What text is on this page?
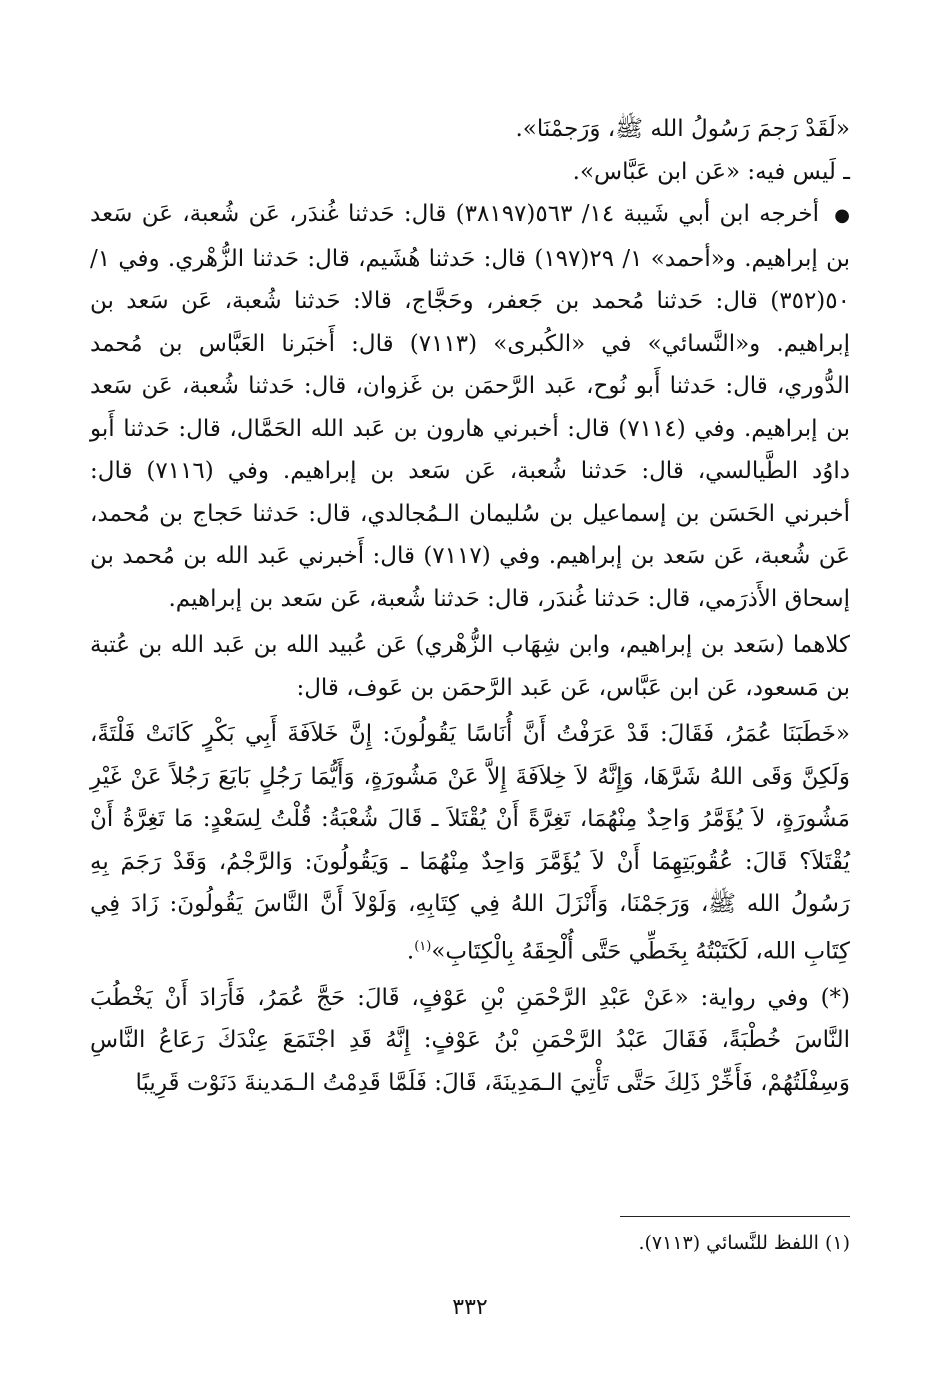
«لَقَدْ رَجمَ رَسُولُ الله ﷺ، وَرَجمْنَا».

ـ لَيس فيه: «عَن ابن عَبَّاس».

● أخرجه ابن أبي شَيبة ١٤/ ٥٦٣(٣٨١٩٧) قال: حَدثنا غُندَر، عَن شُعبة، عَن سَعد بن إبراهيم. و«أحمد» ١/ ٢٩(١٩٧) قال: حَدثنا هُشَيم، قال: حَدثنا الزُّهْري. وفي ١/ ٥٠(٣٥٢) قال: حَدثنا مُحمد بن جَعفر، وحَجَّاج، قالا: حَدثنا شُعبة، عَن سَعد بن إبراهيم. و«النَّسائي» في «الكُبرى» (٧١١٣) قال: أَخبَرنا العَبَّاس بن مُحمد الدُّوري، قال: حَدثنا أَبو نُوح، عَبد الرَّحمَن بن غَزوان، قال: حَدثنا شُعبة، عَن سَعد بن إبراهيم. وفي (٧١١٤) قال: أخبرني هارون بن عَبد الله الحَمَّال، قال: حَدثنا أَبو داوُد الطَّيالسي، قال: حَدثنا شُعبة، عَن سَعد بن إبراهيم. وفي (٧١١٦) قال: أخبرني الحَسَن بن إسماعيل بن سُليمان الـمُجالدي، قال: حَدثنا حَجاج بن مُحمد، عَن شُعبة، عَن سَعد بن إبراهيم. وفي (٧١١٧) قال: أَخبرني عَبد الله بن مُحمد بن إسحاق الأَذرَمي، قال: حَدثنا غُندَر، قال: حَدثنا شُعبة، عَن سَعد بن إبراهيم.

كلاهما (سَعد بن إبراهيم، وابن شِهَاب الزُّهْري) عَن عُبيد الله بن عَبد الله بن عُتبة بن مَسعود، عَن ابن عَبَّاس، عَن عَبد الرَّحمَن بن عَوف، قال:

«خَطَبَنَا عُمَرُ، فَقَالَ: قَدْ عَرَفْتُ أَنَّ أُنَاسًا يَقُولُونَ: إِنَّ خَلاَفَةَ أَبِي بَكْرٍ كَانَتْ فَلْتَةً، وَلَكِنَّ وَقَى اللهُ شَرَّهَا، وَإِنَّهُ لاَ خِلاَفَةَ إِلاَّ عَنْ مَشُورَةٍ، وَأَيُّمَا رَجُلٍ بَايَعَ رَجُلاً عَنْ غَيْرِ مَشُورَةٍ، لاَ يُؤَمَّرُ وَاحِدٌ مِنْهُمَا، تَغِرَّةً أَنْ يُقْتَلاَ ـ قَالَ شُعْبَةُ: قُلْتُ لِسَعْدٍ: مَا تَغِرَّةُ أَنْ يُقْتَلاَ؟ قَالَ: عُقُوبَتِهِمَا أَنْ لاَ يُؤَمَّرَ وَاحِدٌ مِنْهُمَا ـ وَيَقُولُونَ: وَالرَّجْمُ، وَقَدْ رَجَمَ بِهِ رَسُولُ الله ﷺ، وَرَجَمْنَا، وَأَنْزَلَ اللهُ فِي كِتَابِهِ، وَلَوْلاَ أَنَّ النَّاسَ يَقُولُونَ: زَادَ فِي كِتَابِ الله، لَكَتَبْتُهُ بِخَطِّي حَتَّى أُلْحِقَهُ بِالْكِتَابِ»$^{(١)}$.

(*) وفي رواية: «عَنْ عَبْدِ الرَّحْمَنِ بْنِ عَوْفٍ، قَالَ: حَجَّ عُمَرُ، فَأَرَادَ أَنْ يَخْطُبَ النَّاسَ خُطْبَةً، فَقَالَ عَبْدُ الرَّحْمَنِ بْنُ عَوْفٍ: إِنَّهُ قَدِ اجْتَمَعَ عِنْدَكَ رَعَاعُ النَّاسِ وَسِفْلَتُهُمْ، فَأَخِّرْ ذَلِكَ حَتَّى تَأْتِيَ الـمَدِينَةَ، قَالَ: فَلَمَّا قَدِمْتُ الـمَدينةَ دَنَوْت قَرِيبًا

(١) اللفظ للنَّسائي (٧١١٣).
٣٣٢
